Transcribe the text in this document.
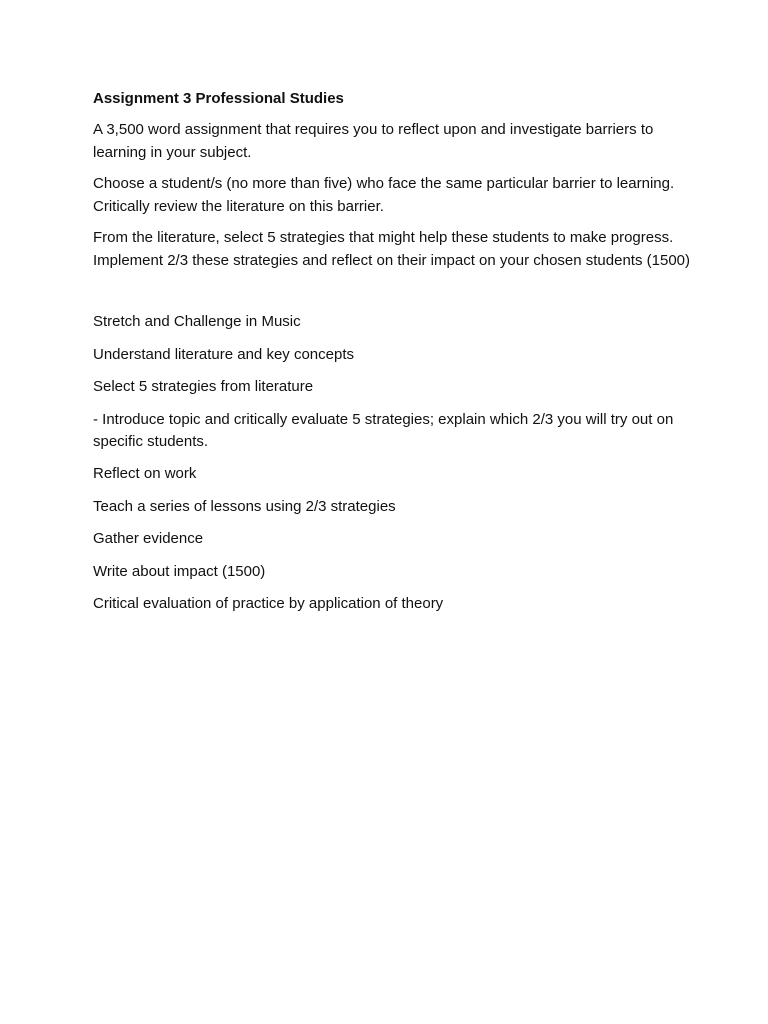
Assignment 3 Professional Studies

A 3,500 word assignment that requires you to reflect upon and investigate barriers to learning in your subject.

Choose a student/s (no more than five) who face the same particular barrier to learning. Critically review the literature on this barrier.

From the literature, select 5 strategies that might help these students to make progress. Implement 2/3 these strategies and reflect on their impact on your chosen students (1500)

Stretch and Challenge in Music

Understand literature and key concepts

Select 5 strategies from literature

- Introduce topic and critically evaluate 5 strategies; explain which 2/3 you will try out on specific students.

Reflect on work

Teach a series of lessons using 2/3 strategies

Gather evidence

Write about impact (1500)

Critical evaluation of practice by application of theory
